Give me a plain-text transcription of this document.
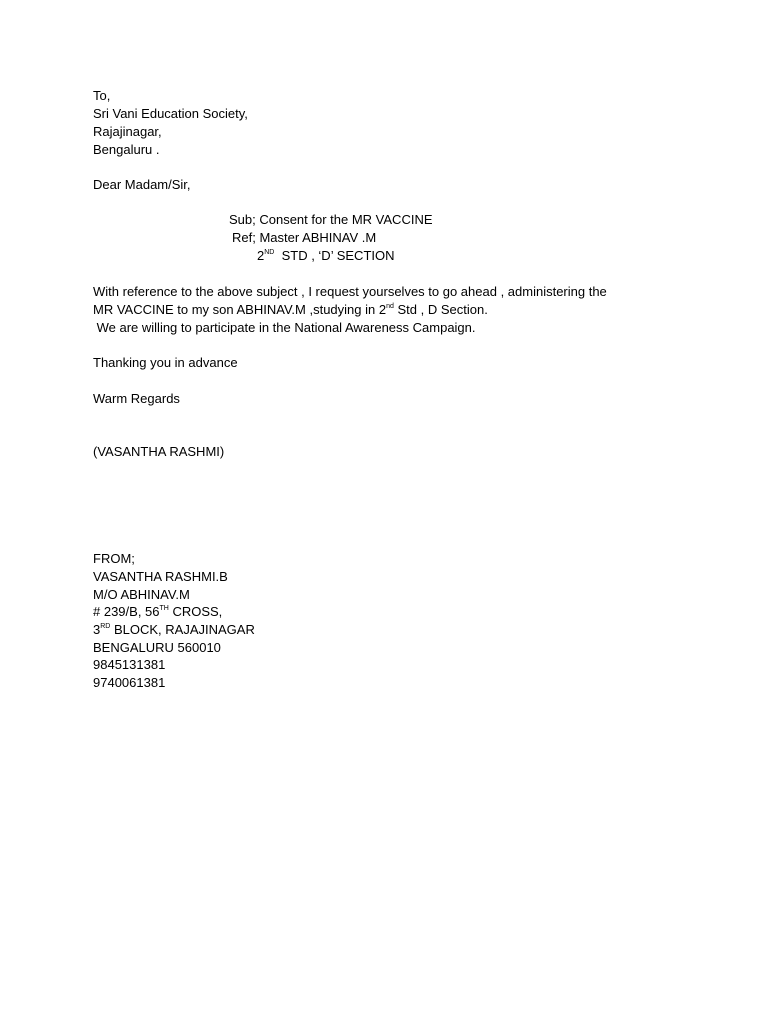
To,
Sri Vani Education Society,
Rajajinagar,
Bengaluru .
Dear Madam/Sir,
Sub; Consent for the MR VACCINE
Ref; Master ABHINAV .M
2ND  STD , ‘D’ SECTION
With reference to the above subject , I request yourselves to go ahead , administering the
MR VACCINE to my son ABHINAV.M ,studying in 2nd Std , D Section.
We are willing to participate in the National Awareness Campaign.
Thanking you in advance
Warm Regards
(VASANTHA RASHMI)
FROM;
VASANTHA RASHMI.B
M/O ABHINAV.M
# 239/B, 56TH CROSS,
3RD BLOCK, RAJAJINAGAR
BENGALURU 560010
9845131381
9740061381
